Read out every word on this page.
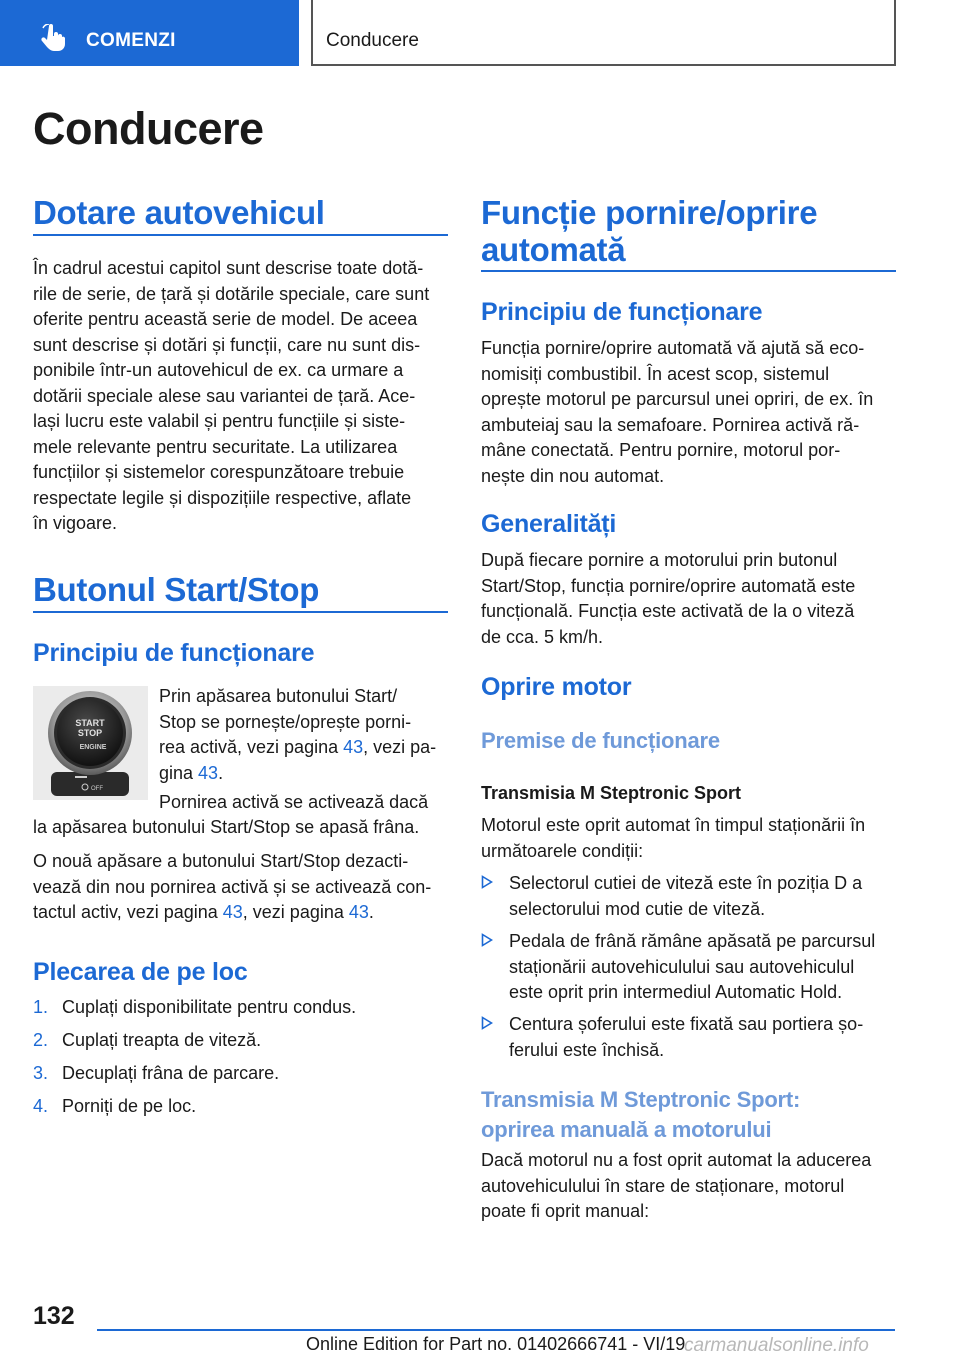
COMENZI	Conducere
Conducere
Dotare autovehicul

În cadrul acestui capitol sunt descrise toate dotă‐
rile de serie, de țară și dotările speciale, care sunt
oferite pentru această serie de model. De aceea
sunt descrise și dotări și funcții, care nu sunt dis‐
ponibile într-un autovehicul de ex. ca urmare a
dotării speciale alese sau variantei de țară. Ace‐
lași lucru este valabil și pentru funcțiile și siste‐
mele relevante pentru securitate. La utilizarea
funcțiilor și sistemelor corespunzătoare trebuie
respectate legile și dispozițiile respective, aflate
în vigoare.

Butonul Start/Stop
Principiu de funcționare

Prin apăsarea butonului Start/
Stop se pornește/oprește porni‐
rea activă, vezi pagina 43, vezi pa‐
gina 43.

Pornirea activă se activează dacă

la apăsarea butonului Start/Stop se apasă frâna.

O nouă apăsare a butonului Start/Stop dezacti‐
vează din nou pornirea activă și se activează con‐
tactul activ, vezi pagina 43, vezi pagina 43.

Plecarea de pe loc
1. Cuplați disponibilitate pentru condus.
2. Cuplați treapta de viteză.
3. Decuplați frâna de parcare.
4. Porniți de pe loc.
START
STOP
ENGINE
OFF
Funcție pornire/oprire
automată
Principiu de funcționare

Funcția pornire/oprire automată vă ajută să eco‐
nomisiți combustibil. În acest scop, sistemul
oprește motorul pe parcursul unei opriri, de ex. în
ambuteiaj sau la semafoare. Pornirea activă ră‐
mâne conectată. Pentru pornire, motorul por‐
nește din nou automat.

Generalități

După fiecare pornire a motorului prin butonul
Start/Stop, funcția pornire/oprire automată este
funcțională. Funcția este activată de la o viteză
de cca. 5 km/h.

Oprire motor
Premise de funcționare
Transmisia M Steptronic Sport

Motorul este oprit automat în timpul staționării în
următoarele condiții:

Selectorul cutiei de viteză este în poziția D a
selectorului mod cutie de viteză.
Pedala de frână rămâne apăsată pe parcursul
staționării autovehiculului sau autovehiculul
este oprit prin intermediul Automatic Hold.
Centura șoferului este fixată sau portiera șo‐
ferului este închisă.
Transmisia M Steptronic Sport:
oprirea manuală a motorului

Dacă motorul nu a fost oprit automat la aducerea
autovehiculului în stare de staționare, motorul
poate fi oprit manual:

132
Online Edition for Part no. 01402666741 - VI/19
carmanualsonline.info
